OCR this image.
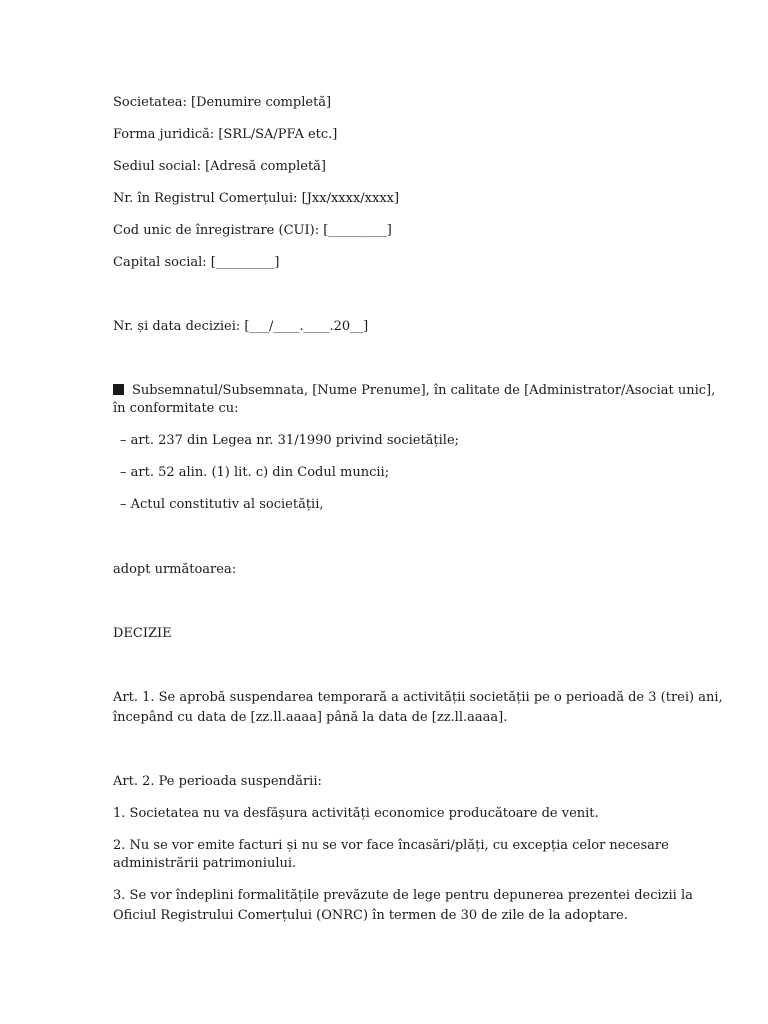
Societatea: [Denumire completă]
Forma juridică: [SRL/SA/PFA etc.]
Sediul social: [Adresă completă]
Nr. în Registrul Comerțului: [Jxx/xxxx/xxxx]
Cod unic de înregistrare (CUI): [_________]
Capital social: [_________]
Nr. și data deciziei: [___/____.____.20__]
Subsemnatul/Subsemnata, [Nume Prenume], în calitate de [Administrator/Asociat unic],
în conformitate cu:
– art. 237 din Legea nr. 31/1990 privind societățile;
– art. 52 alin. (1) lit. c) din Codul muncii;
– Actul constitutiv al societății,
adopt următoarea:
DECIZIE
Art. 1. Se aprobă suspendarea temporară a activității societății pe o perioadă de 3 (trei) ani,
începând cu data de [zz.ll.aaaa] până la data de [zz.ll.aaaa].
Art. 2. Pe perioada suspendării:
1. Societatea nu va desfășura activități economice producătoare de venit.
2. Nu se vor emite facturi și nu se vor face încasări/plăți, cu excepția celor necesare
administrării patrimoniului.
3. Se vor îndeplini formalitățile prevăzute de lege pentru depunerea prezentei decizii la
Oficiul Registrului Comerțului (ONRC) în termen de 30 de zile de la adoptare.
